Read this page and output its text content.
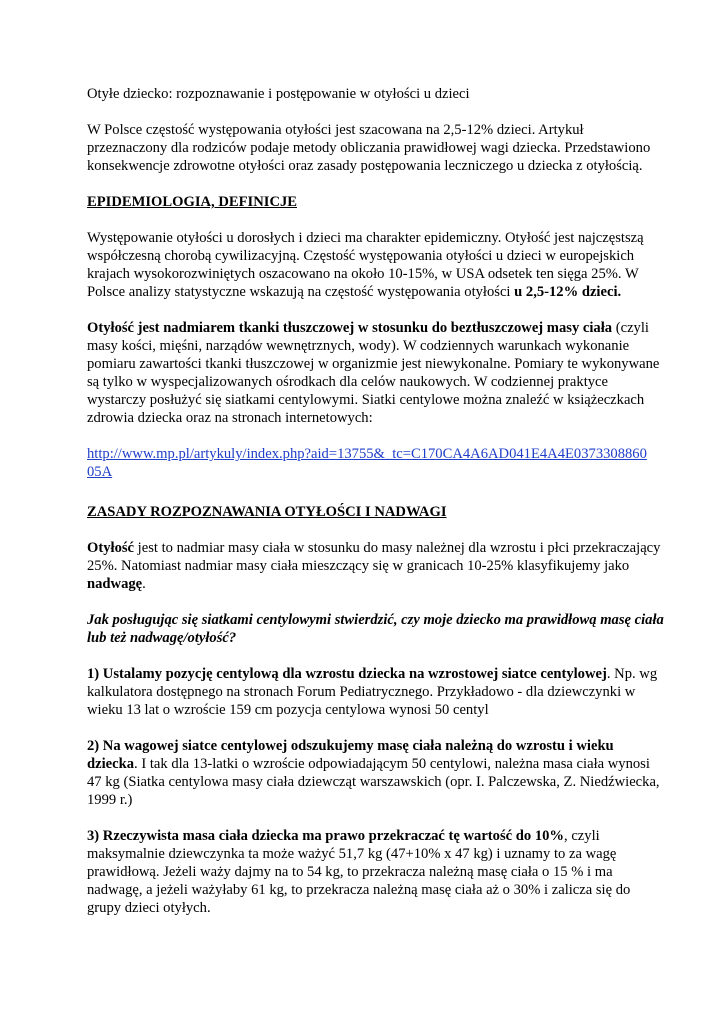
Otyłe dziecko: rozpoznawanie i postępowanie w otyłości u dzieci

W Polsce częstość występowania otyłości jest szacowana na 2,5-12% dzieci. Artykuł przeznaczony dla rodziców podaje metody obliczania prawidłowej wagi dziecka. Przedstawiono konsekwencje zdrowotne otyłości oraz zasady postępowania leczniczego u dziecka z otyłością.

EPIDEMIOLOGIA, DEFINICJE

Występowanie otyłości u dorosłych i dzieci ma charakter epidemiczny. Otyłość jest najczęstszą współczesną chorobą cywilizacyjną. Częstość występowania otyłości u dzieci w europejskich krajach wysokorozwiniętych oszacowano na około 10-15%, w USA odsetek ten sięga 25%. W Polsce analizy statystyczne wskazują na częstość występowania otyłości u 2,5-12% dzieci.

Otyłość jest nadmiarem tkanki tłuszczowej w stosunku do beztłuszczowej masy ciała (czyli masy kości, mięśni, narządów wewnętrznych, wody). W codziennych warunkach wykonanie pomiaru zawartości tkanki tłuszczowej w organizmie jest niewykonalne. Pomiary te wykonywane są tylko w wyspecjalizowanych ośrodkach dla celów naukowych. W codziennej praktyce wystarczy posłużyć się siatkami centylowymi. Siatki centylowe można znaleźć w książeczkach zdrowia dziecka oraz na stronach internetowych:

http://www.mp.pl/artykuly/index.php?aid=13755&_tc=C170CA4A6AD041E4A4E037330886005A

ZASADY ROZPOZNAWANIA OTYŁOŚCI I NADWAGI

Otyłość jest to nadmiar masy ciała w stosunku do masy należnej dla wzrostu i płci przekraczający 25%. Natomiast nadmiar masy ciała mieszczący się w granicach 10-25% klasyfikujemy jako nadwagę.

Jak posługując się siatkami centylowymi stwierdzić, czy moje dziecko ma prawidłową masę ciała lub też nadwagę/otyłość?

1) Ustalamy pozycję centylową dla wzrostu dziecka na wzrostowej siatce centylowej. Np. wg kalkulatora dostępnego na stronach Forum Pediatrycznego. Przykładowo - dla dziewczynki w wieku 13 lat o wzroście 159 cm pozycja centylowa wynosi 50 centyl

2) Na wagowej siatce centylowej odszukujemy masę ciała należną do wzrostu i wieku dziecka. I tak dla 13-latki o wzroście odpowiadającym 50 centylowi, należna masa ciała wynosi 47 kg (Siatka centylowa masy ciała dziewcząt warszawskich (opr. I. Palczewska, Z. Niedźwiecka, 1999 r.)

3) Rzeczywista masa ciała dziecka ma prawo przekraczać tę wartość do 10%, czyli maksymalnie dziewczynka ta może ważyć 51,7 kg (47+10% x 47 kg) i uznamy to za wagę prawidłową. Jeżeli waży dajmy na to 54 kg, to przekracza należną masę ciała o 15 % i ma nadwagę, a jeżeli ważyłaby 61 kg, to przekracza należną masę ciała aż o 30% i zalicza się do grupy dzieci otyłych.
